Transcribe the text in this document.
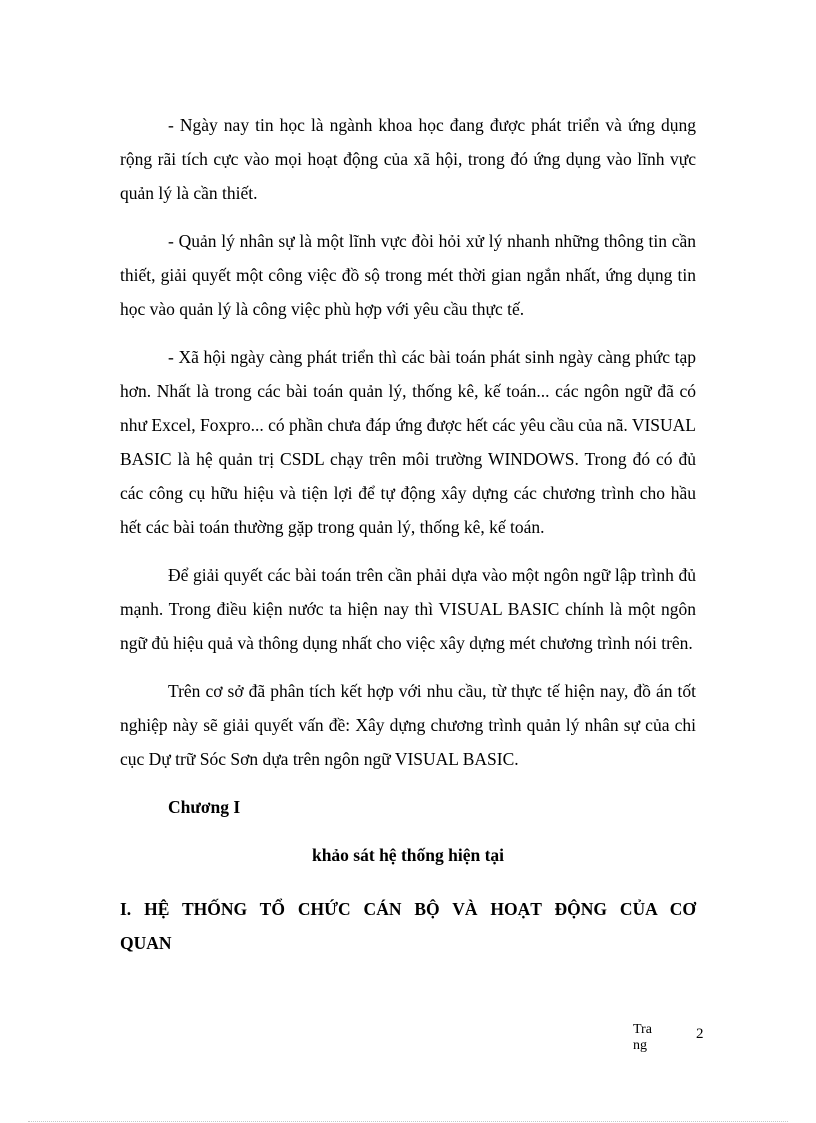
- Ngày nay tin học là ngành khoa học đang được phát triển và ứng dụng rộng rãi tích cực vào mọi hoạt động của xã hội, trong đó ứng dụng vào lĩnh vực quản lý là cần thiết.

- Quản lý nhân sự là một lĩnh vực đòi hỏi xử lý nhanh những thông tin cần thiết, giải quyết một công việc đồ sộ trong mét thời gian ngắn nhất, ứng dụng tin học vào quản lý là công việc phù hợp với yêu cầu thực tế.

- Xã hội ngày càng phát triển thì các bài toán phát sinh ngày càng phức tạp hơn. Nhất là trong các bài toán quản lý, thống kê, kế toán... các ngôn ngữ đã có như Excel, Foxpro... có phần chưa đáp ứng được hết các yêu cầu của nã. VISUAL BASIC là hệ quản trị CSDL chạy trên môi trường WINDOWS. Trong đó có đủ các công cụ hữu hiệu và tiện lợi để tự động xây dựng các chương trình cho hầu hết các bài toán thường gặp trong quản lý, thống kê, kế toán.

Để giải quyết các bài toán trên cần phải dựa vào một ngôn ngữ lập trình đủ mạnh. Trong điều kiện nước ta hiện nay thì VISUAL BASIC chính là một ngôn ngữ đủ hiệu quả và thông dụng nhất cho việc xây dựng mét chương trình nói trên.

Trên cơ sở đã phân tích kết hợp với nhu cầu, từ thực tế hiện nay, đồ án tốt nghiệp này sẽ giải quyết vấn đề: Xây dựng chương trình quản lý nhân sự của chi cục Dự trữ Sóc Sơn dựa trên ngôn ngữ VISUAL BASIC.

Chương I
khảo sát hệ thống hiện tại
I. HỆ THỐNG TỔ CHỨC CÁN BỘ VÀ HOẠT ĐỘNG CỦA CƠ QUAN
Trang
2
